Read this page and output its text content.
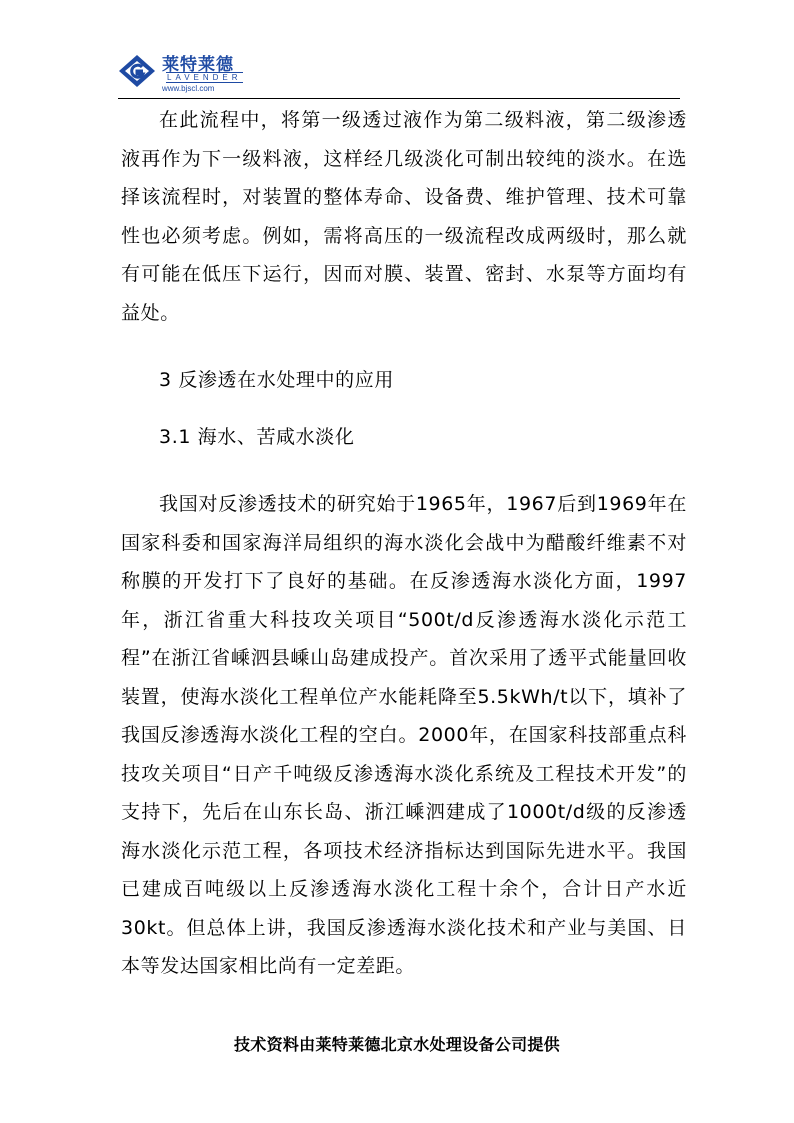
莱特莱德
LAVENDER
www.bjscl.com

在此流程中，将第一级透过液作为第二级料液，第二级渗透液再作为下一级料液，这样经几级淡化可制出较纯的淡水。在选择该流程时，对装置的整体寿命、设备费、维护管理、技术可靠性也必须考虑。例如，需将高压的一级流程改成两级时，那么就有可能在低压下运行，因而对膜、装置、密封、水泵等方面均有益处。

3 反渗透在水处理中的应用

3.1 海水、苦咸水淡化

我国对反渗透技术的研究始于1965年，1967后到1969年在国家科委和国家海洋局组织的海水淡化会战中为醋酸纤维素不对称膜的开发打下了良好的基础。在反渗透海水淡化方面，1997年，浙江省重大科技攻关项目“500t/d反渗透海水淡化示范工程”在浙江省嵊泗县嵊山岛建成投产。首次采用了透平式能量回收装置，使海水淡化工程单位产水能耗降至5.5kWh/t以下，填补了我国反渗透海水淡化工程的空白。2000年，在国家科技部重点科技攻关项目“日产千吨级反渗透海水淡化系统及工程技术开发”的支持下，先后在山东长岛、浙江嵊泗建成了1000t/d级的反渗透海水淡化示范工程，各项技术经济指标达到国际先进水平。我国已建成百吨级以上反渗透海水淡化工程十余个，合计日产水近30kt。但总体上讲，我国反渗透海水淡化技术和产业与美国、日本等发达国家相比尚有一定差距。

技术资料由莱特莱德北京水处理设备公司提供
